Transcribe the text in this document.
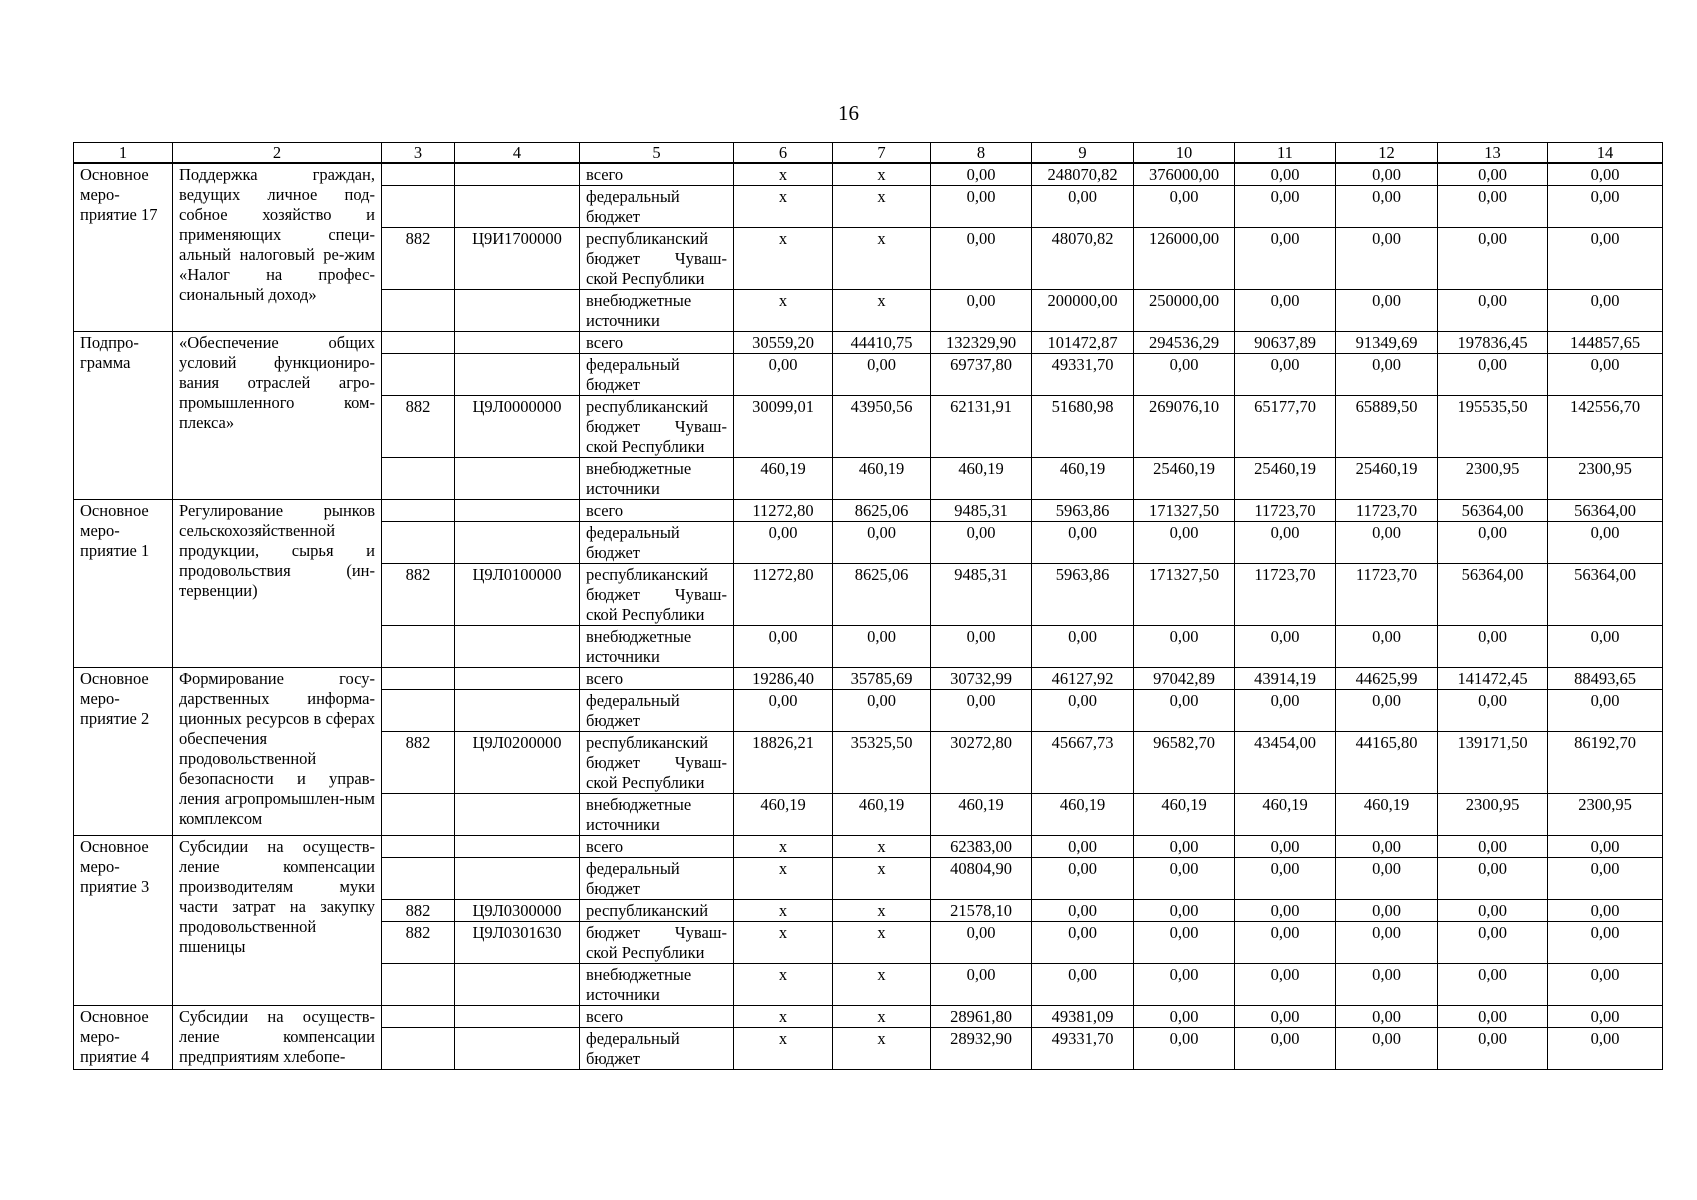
16
1	2	3	4	5	6	7	8	9	10	11	12	13	14
Основное меро-приятие 17	Поддержка граждан, ведущих личное под-собное хозяйство и применяющих специ-альный налоговый ре-жим «Налог на профес-сиональный доход»			всего	x	x	0,00	248070,82	376000,00	0,00	0,00	0,00	0,00
				федеральный бюджет	x	x	0,00	0,00	0,00	0,00	0,00	0,00	0,00
		882	Ц9И1700000	республиканский бюджет Чуваш-ской Республики	x	x	0,00	48070,82	126000,00	0,00	0,00	0,00	0,00
				внебюджетные источники	x	x	0,00	200000,00	250000,00	0,00	0,00	0,00	0,00
Подпро-грамма	«Обеспечение общих условий функциониро-вания отраслей агро-промышленного ком-плекса»			всего	30559,20	44410,75	132329,90	101472,87	294536,29	90637,89	91349,69	197836,45	144857,65
				федеральный бюджет	0,00	0,00	69737,80	49331,70	0,00	0,00	0,00	0,00	0,00
		882	Ц9Л0000000	республиканский бюджет Чуваш-ской Республики	30099,01	43950,56	62131,91	51680,98	269076,10	65177,70	65889,50	195535,50	142556,70
				внебюджетные источники	460,19	460,19	460,19	460,19	25460,19	25460,19	25460,19	2300,95	2300,95
Основное меро-приятие 1	Регулирование рынков сельскохозяйственной продукции, сырья и продовольствия (ин-тервенции)			всего	11272,80	8625,06	9485,31	5963,86	171327,50	11723,70	11723,70	56364,00	56364,00
				федеральный бюджет	0,00	0,00	0,00	0,00	0,00	0,00	0,00	0,00	0,00
		882	Ц9Л0100000	республиканский бюджет Чуваш-ской Республики	11272,80	8625,06	9485,31	5963,86	171327,50	11723,70	11723,70	56364,00	56364,00
				внебюджетные источники	0,00	0,00	0,00	0,00	0,00	0,00	0,00	0,00	0,00
Основное меро-приятие 2	Формирование госу-дарственных информа-ционных ресурсов в сферах обеспечения продовольственной безопасности и управ-ления агропромышлен-ным комплексом			всего	19286,40	35785,69	30732,99	46127,92	97042,89	43914,19	44625,99	141472,45	88493,65
				федеральный бюджет	0,00	0,00	0,00	0,00	0,00	0,00	0,00	0,00	0,00
		882	Ц9Л0200000	республиканский бюджет Чуваш-ской Республики	18826,21	35325,50	30272,80	45667,73	96582,70	43454,00	44165,80	139171,50	86192,70
				внебюджетные источники	460,19	460,19	460,19	460,19	460,19	460,19	460,19	2300,95	2300,95
Основное меро-приятие 3	Субсидии на осуществ-ление компенсации производителям муки части затрат на закупку продовольственной пшеницы			всего	x	x	62383,00	0,00	0,00	0,00	0,00	0,00	0,00
				федеральный бюджет	x	x	40804,90	0,00	0,00	0,00	0,00	0,00	0,00
		882	Ц9Л0300000	республиканский	x	x	21578,10	0,00	0,00	0,00	0,00	0,00	0,00
		882	Ц9Л0301630	бюджет Чуваш-ской Республики	x	x	0,00	0,00	0,00	0,00	0,00	0,00	0,00
				внебюджетные источники	x	x	0,00	0,00	0,00	0,00	0,00	0,00	0,00
Основное меро-приятие 4	Субсидии на осуществ-ление компенсации предприятиям хлебопе-			всего	x	x	28961,80	49381,09	0,00	0,00	0,00	0,00	0,00
				федеральный бюджет	x	x	28932,90	49331,70	0,00	0,00	0,00	0,00	0,00
